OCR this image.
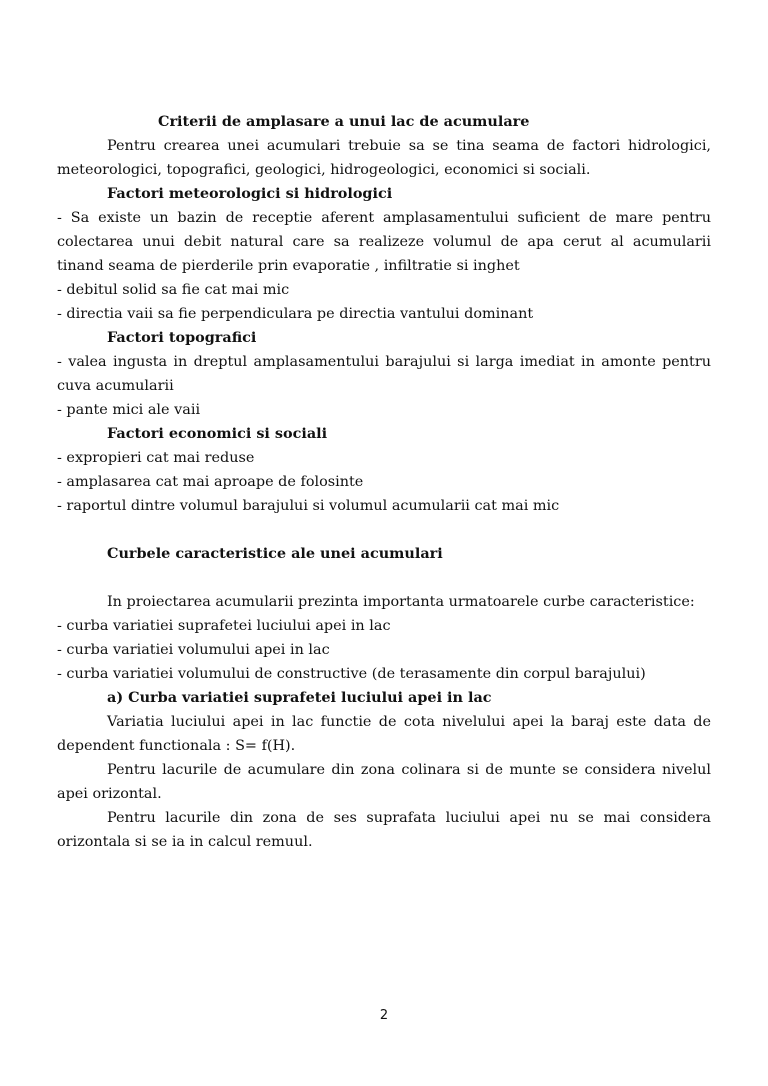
Criterii de amplasare a unui lac de acumulare
Pentru crearea unei acumulari trebuie sa se tina seama de factori hidrologici,
meteorologici, topografici, geologici, hidrogeologici, economici si sociali.
Factori meteorologici si hidrologici
- Sa existe un bazin de receptie aferent amplasamentului suficient de mare pentru
colectarea unui debit natural care sa realizeze volumul de apa cerut al acumularii
tinand seama de pierderile prin evaporatie , infiltratie si inghet
- debitul solid sa fie cat mai mic
- directia vaii sa fie perpendiculara pe directia vantului dominant
Factori topografici
- valea ingusta in dreptul amplasamentului barajului si larga imediat in amonte pentru
cuva acumularii
- pante mici ale vaii
Factori economici si sociali
- expropieri cat mai reduse
- amplasarea cat mai aproape de folosinte
- raportul dintre volumul barajului si volumul acumularii cat mai mic
Curbele caracteristice ale unei acumulari
In proiectarea acumularii prezinta importanta urmatoarele curbe caracteristice:
- curba variatiei suprafetei luciului apei in lac
- curba variatiei volumului apei in lac
- curba variatiei volumului de constructive (de terasamente din corpul barajului)
a) Curba variatiei suprafetei luciului apei in lac
Variatia luciului apei in lac functie de cota nivelului apei la baraj este data de
dependent functionala : S= f(H).
Pentru lacurile de acumulare din zona colinara si de munte se considera nivelul
apei orizontal.
Pentru lacurile din zona de ses suprafata luciului apei nu se mai considera
orizontala si se ia in calcul remuul.
2
